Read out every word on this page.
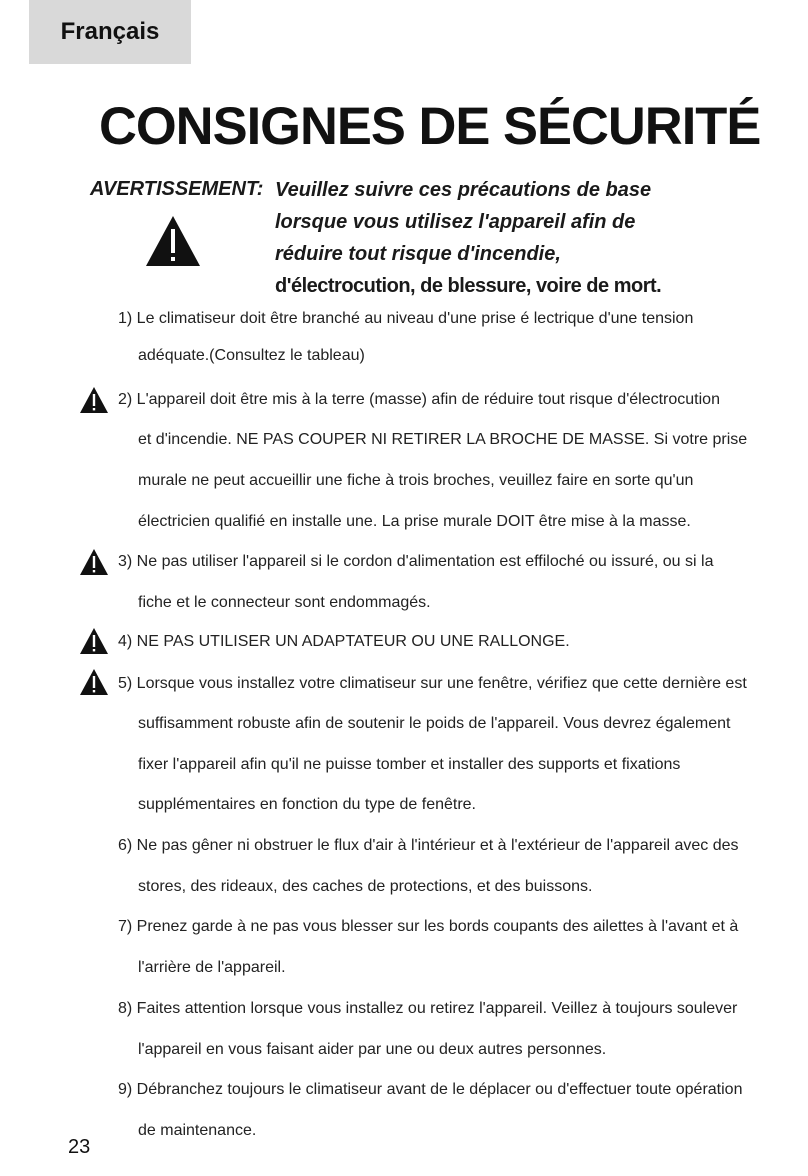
Français
CONSIGNES DE SÉCURITÉ
AVERTISSEMENT: Veuillez suivre ces précautions de base
lorsque vous utilisez l'appareil afin de
réduire tout risque d'incendie,
d'électrocution, de blessure, voire de mort.
1) Le climatiseur doit être branché au niveau d'une prise é lectrique d'une tension
adéquate.(Consultez le tableau)
2) L'appareil doit être mis à la terre (masse) afin de réduire tout risque d'électrocution
et d'incendie. NE PAS COUPER NI RETIRER LA BROCHE DE MASSE. Si votre prise
murale ne peut accueillir une fiche à trois broches, veuillez faire en sorte qu'un
électricien qualifié en installe une. La prise murale DOIT être mise à la masse.
3) Ne pas utiliser l'appareil si le cordon d'alimentation est effiloché ou issuré, ou si la
fiche et le connecteur sont endommagés.
4) NE PAS UTILISER UN ADAPTATEUR OU UNE RALLONGE.
5) Lorsque vous installez votre climatiseur sur une fenêtre, vérifiez que cette dernière est
suffisamment robuste afin de soutenir le poids de l'appareil. Vous devrez également
fixer l'appareil afin qu'il ne puisse tomber et installer des supports et fixations
supplémentaires en fonction du type de fenêtre.
6) Ne pas gêner ni obstruer le flux d'air à l'intérieur et à l'extérieur de l'appareil avec des
stores, des rideaux, des caches de protections, et des buissons.
7) Prenez garde à ne pas vous blesser sur les bords coupants des ailettes à l'avant et à
l'arrière de l'appareil.
8) Faites attention lorsque vous installez ou retirez l'appareil. Veillez à toujours soulever
l'appareil en vous faisant aider par une ou deux autres personnes.
9) Débranchez toujours le climatiseur avant de le déplacer ou d'effectuer toute opération
de maintenance.
23
